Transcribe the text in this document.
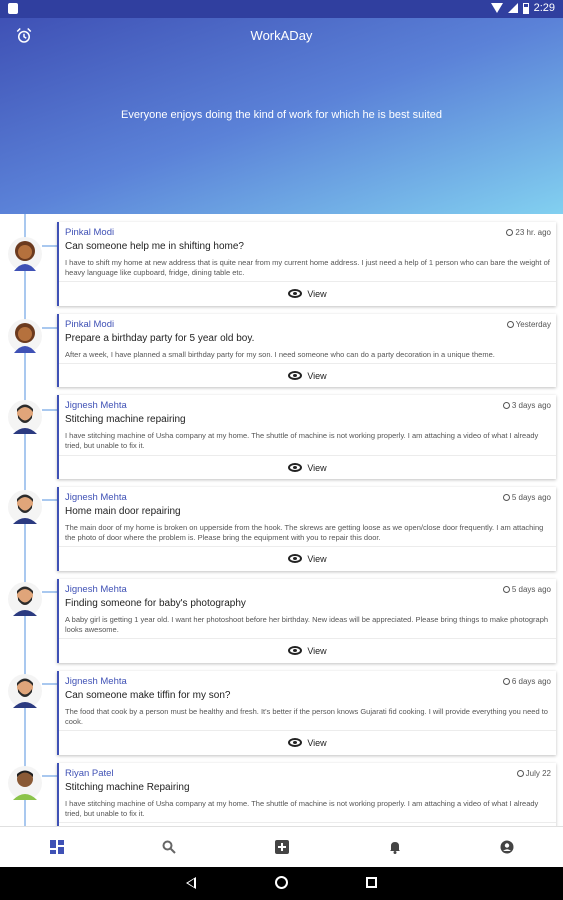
2:29
WorkADay
Everyone enjoys doing the kind of work for which he is best suited
Pinkal Modi	23 hr. ago
Can someone help me in shifting home?
I have to shift my home at new address that is quite near from my current home address. I just need a help of 1 person who can bare the weight of heavy language like cupboard, fridge, dining table etc.
View
Pinkal Modi	Yesterday
Prepare a birthday party for 5 year old boy.
After a week, I have planned a small birthday party for my son. I need someone who can do a party decoration in a unique theme.
View
Jignesh Mehta	3 days ago
Stitching machine repairing
I have stitching machine of Usha company at my home. The shuttle of machine is not working properly. I am attaching a video of what I already tried, but unable to fix it.
View
Jignesh Mehta	5 days ago
Home main door repairing
The main door of my home is broken on upperside from the hook. The skrews are getting loose as we open/close door frequently. I am attaching the photo of door where the problem is. Please bring the equipment with you to repair this door.
View
Jignesh Mehta	5 days ago
Finding someone for baby's photography
A baby girl is getting 1 year old. I want her photoshoot before her birthday. New ideas will be appreciated. Please bring things to make photograph looks awesome.
View
Jignesh Mehta	6 days ago
Can someone make tiffin for my son?
The food that cook by a person must be healthy and fresh. It's better if the person knows Gujarati fid cooking. I will provide everything you need to cook.
View
Riyan Patel	July 22
Stitching machine Repairing
I have stitching machine of Usha company at my home. The shuttle of machine is not working properly. I am attaching a video of what I already tried, but unable to fix it.
